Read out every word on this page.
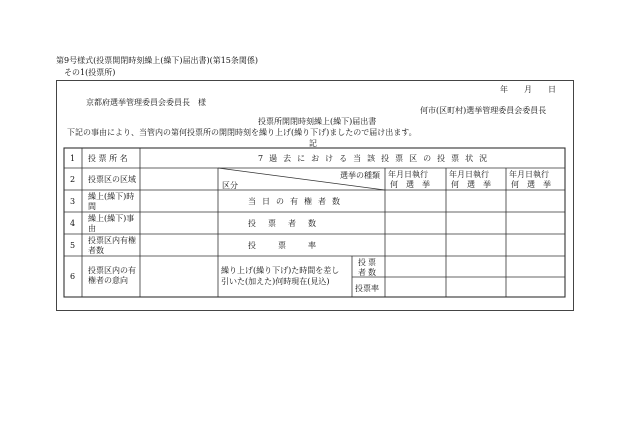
第9号様式(投票開閉時刻繰上(繰下)届出書)(第15条関係)
その1(投票所)
年　　月　　日
京都府選挙管理委員会委員長　様
何市(区町村)選挙管理委員会委員長
投票所開閉時刻繰上(繰下)届出書
下記の事由により、当管内の第何投票所の開閉時刻を繰り上げ(繰り下げ)ましたので届け出ます。
記
1
2
3
4
5
6
投 票 所 名
投票区の区域
繰上(繰下)時間
繰上(繰下)事由
投票区内有権者数
投票区内の有権者の意向
7過去における当該投票区の投票状況
選挙の種類
区分
年月日執行
何　選　挙
年月日執行
何　選　挙
年月日執行
何　選　挙
当日の有権者数
投　票　者　数
投　　票　　率
繰り上げ(繰り下げ)た時間を差し
引いた(加えた)何時現在(見込)
投票者数
投票率
